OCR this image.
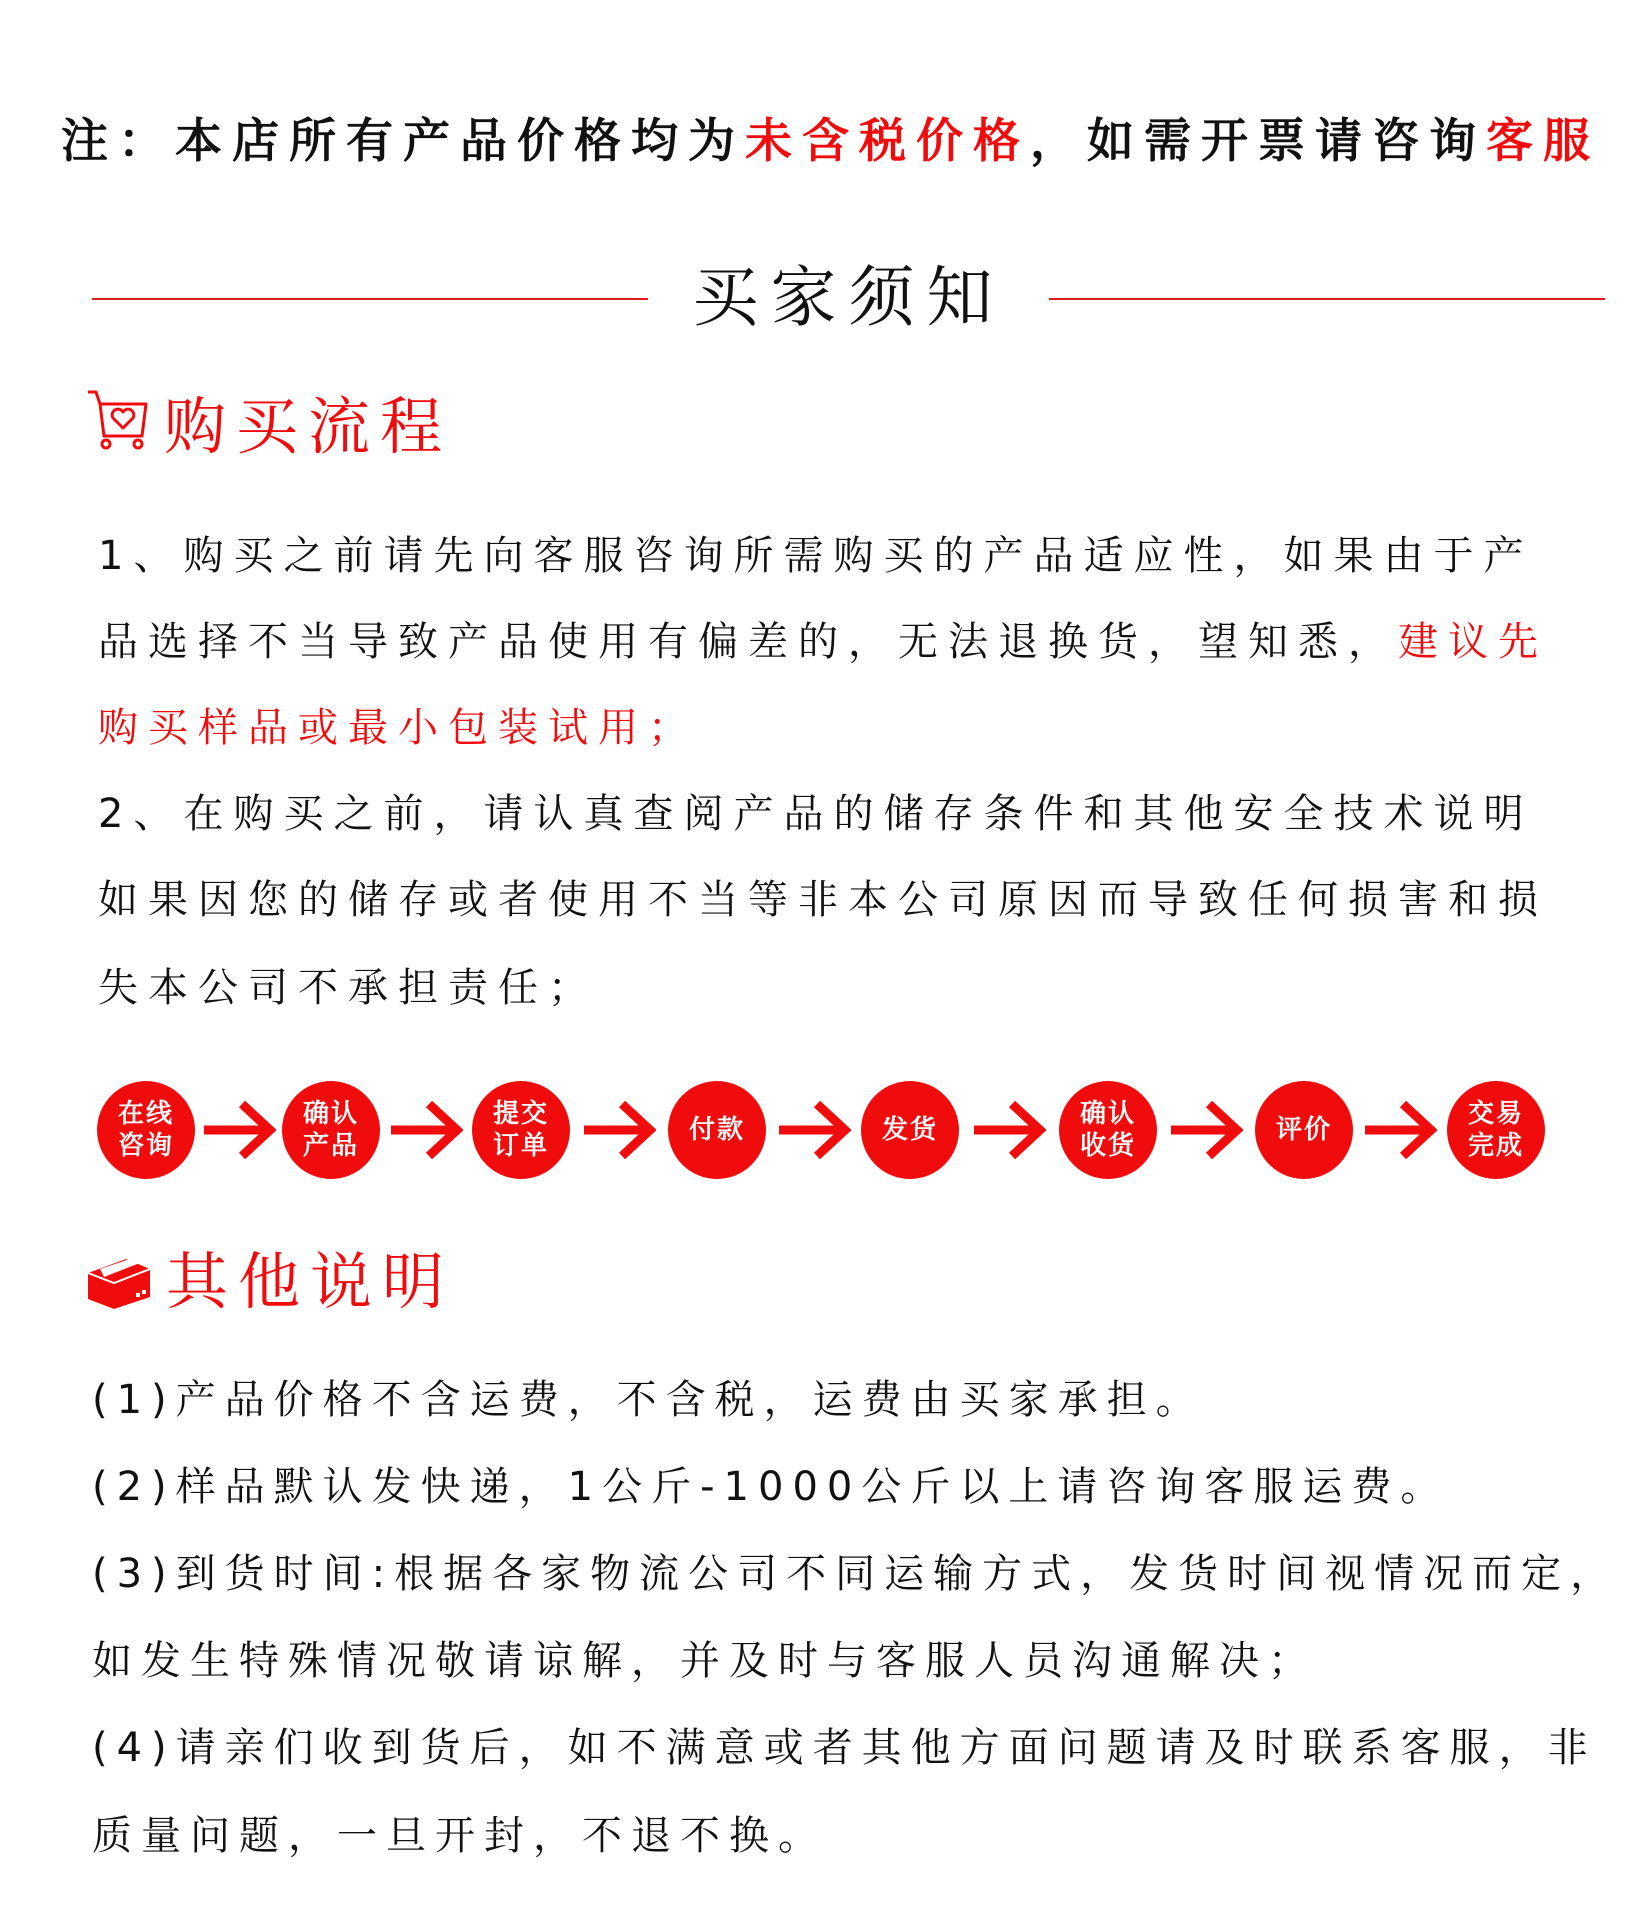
注：本店所有产品价格均为未含税价格，如需开票请咨询客服
买家须知
购买流程
1、购买之前请先向客服咨询所需购买的产品适应性，如果由于产
品选择不当导致产品使用有偏差的，无法退换货，望知悉，建议先
购买样品或最小包装试用；
2、在购买之前，请认真查阅产品的储存条件和其他安全技术说明
如果因您的储存或者使用不当等非本公司原因而导致任何损害和损
失本公司不承担责任；
在线
咨询
确认
产品
提交
订单
付款	发货
确认
收货
评价
交易
完成
其他说明
(1)产品价格不含运费，不含税，运费由买家承担。
(2)样品默认发快递，1公斤-1000公斤以上请咨询客服运费。
(3)到货时间:根据各家物流公司不同运输方式，发货时间视情况而定，
如发生特殊情况敬请谅解，并及时与客服人员沟通解决；
(4)请亲们收到货后，如不满意或者其他方面问题请及时联系客服，非
质量问题，一旦开封，不退不换。
